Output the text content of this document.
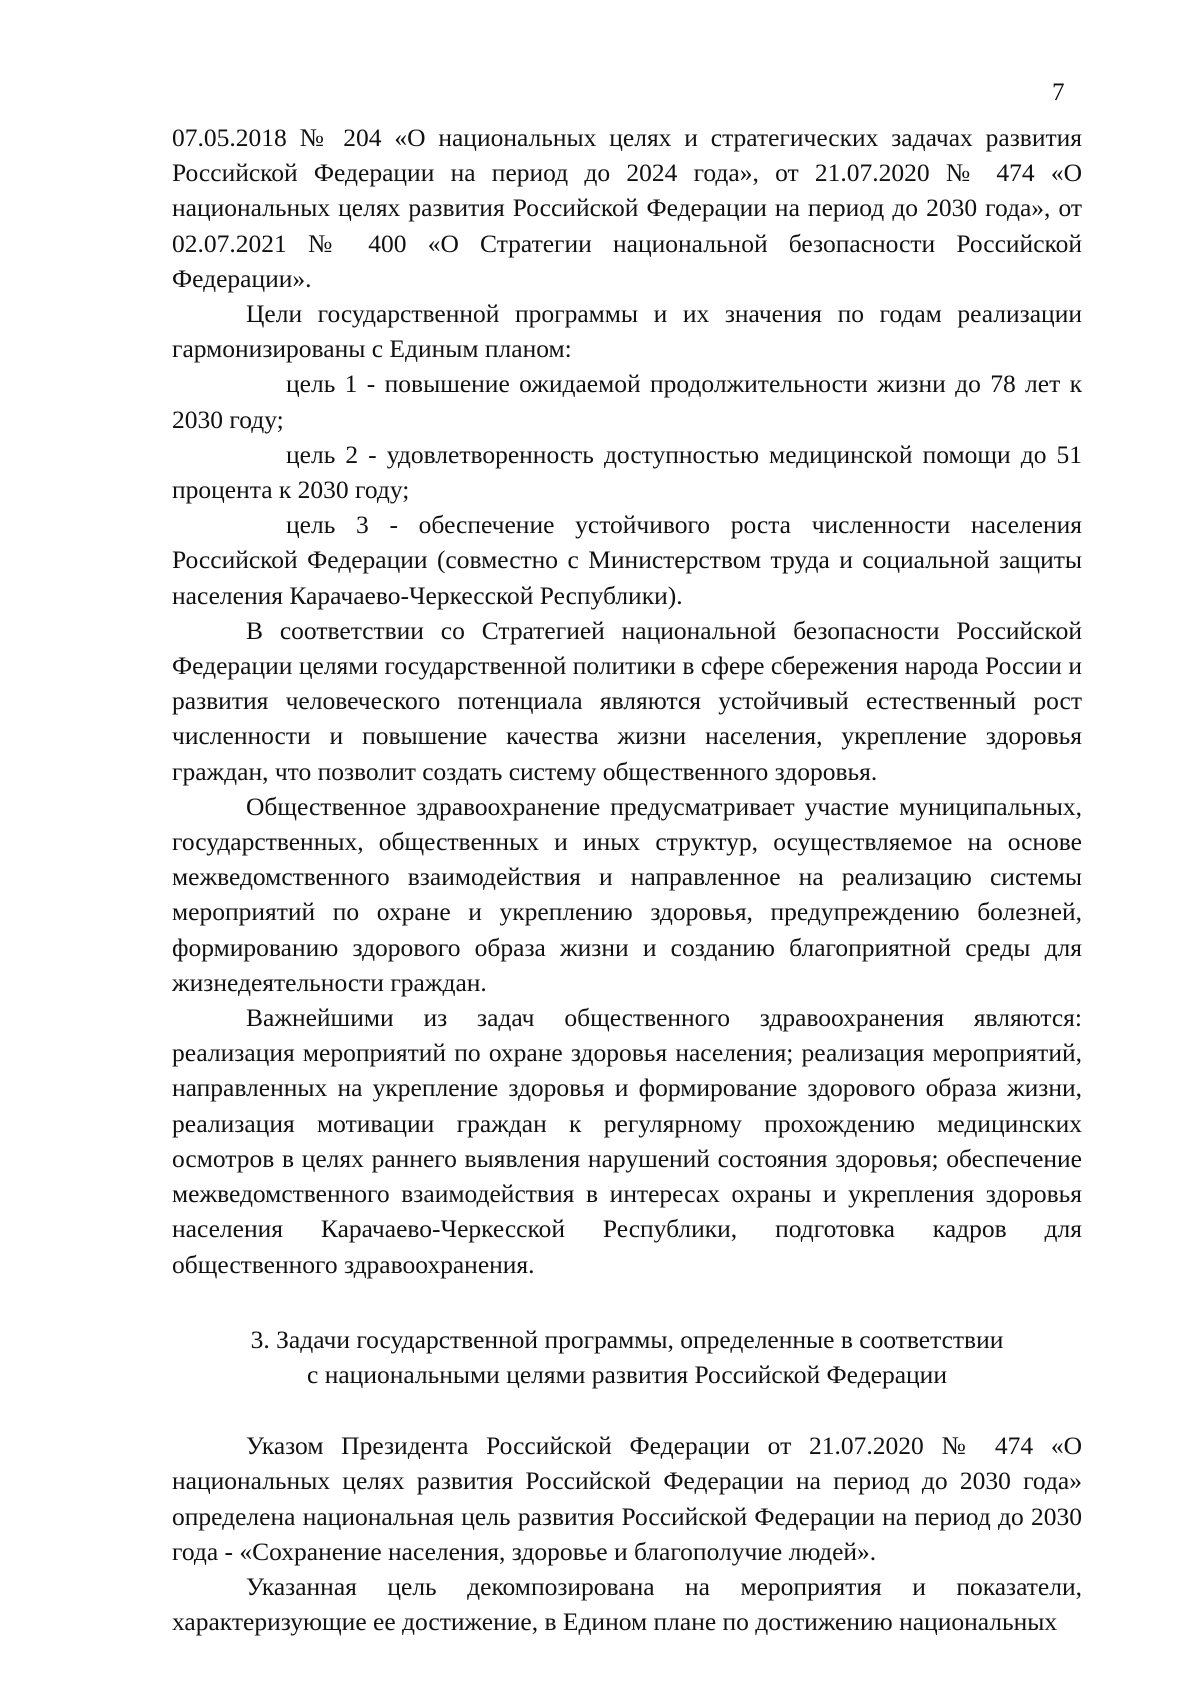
7

07.05.2018 № 204 «О национальных целях и стратегических задачах развития Российской Федерации на период до 2024 года», от 21.07.2020 № 474 «О национальных целях развития Российской Федерации на период до 2030 года», от 02.07.2021 № 400 «О Стратегии национальной безопасности Российской Федерации».

Цели государственной программы и их значения по годам реализации гармонизированы с Единым планом:

цель 1 - повышение ожидаемой продолжительности жизни до 78 лет к 2030 году;

цель 2 - удовлетворенность доступностью медицинской помощи до 51 процента к 2030 году;

цель 3 - обеспечение устойчивого роста численности населения Российской Федерации (совместно с Министерством труда и социальной защиты населения Карачаево-Черкесской Республики).

В соответствии со Стратегией национальной безопасности Российской Федерации целями государственной политики в сфере сбережения народа России и развития человеческого потенциала являются устойчивый естественный рост численности и повышение качества жизни населения, укрепление здоровья граждан, что позволит создать систему общественного здоровья.

Общественное здравоохранение предусматривает участие муниципальных, государственных, общественных и иных структур, осуществляемое на основе межведомственного взаимодействия и направленное на реализацию системы мероприятий по охране и укреплению здоровья, предупреждению болезней, формированию здорового образа жизни и созданию благоприятной среды для жизнедеятельности граждан.

Важнейшими из задач общественного здравоохранения являются: реализация мероприятий по охране здоровья населения; реализация мероприятий, направленных на укрепление здоровья и формирование здорового образа жизни, реализация мотивации граждан к регулярному прохождению медицинских осмотров в целях раннего выявления нарушений состояния здоровья; обеспечение межведомственного взаимодействия в интересах охраны и укрепления здоровья населения Карачаево-Черкесской Республики, подготовка кадров для общественного здравоохранения.

3. Задачи государственной программы, определенные в соответствии
с национальными целями развития Российской Федерации

Указом Президента Российской Федерации от 21.07.2020 № 474 «О национальных целях развития Российской Федерации на период до 2030 года» определена национальная цель развития Российской Федерации на период до 2030 года - «Сохранение населения, здоровье и благополучие людей».

Указанная цель декомпозирована на мероприятия и показатели, характеризующие ее достижение, в Едином плане по достижению национальных
